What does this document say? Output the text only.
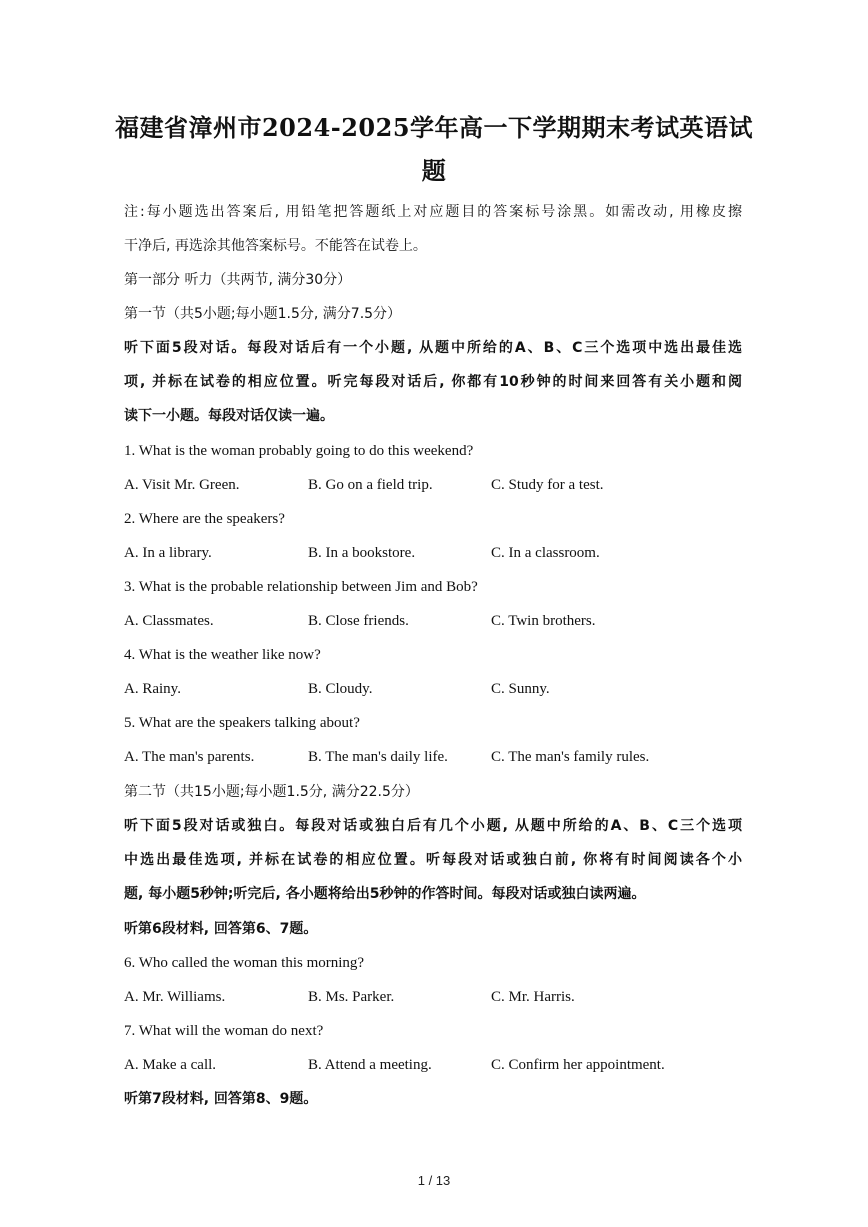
福建省漳州市2024-2025学年高一下学期期末考试英语试
题
注:每小题选出答案后, 用铅笔把答题纸上对应题目的答案标号涂黑。如需改动, 用橡皮擦
干净后, 再选涂其他答案标号。不能答在试卷上。
第一部分 听力（共两节, 满分30分）
第一节（共5小题;每小题1.5分, 满分7.5分）
听下面5段对话。每段对话后有一个小题, 从题中所给的A、B、C三个选项中选出最佳选
项, 并标在试卷的相应位置。听完每段对话后, 你都有10秒钟的时间来回答有关小题和阅
读下一小题。每段对话仅读一遍。
1. What is the woman probably going to do this weekend?
A. Visit Mr. Green.	B. Go on a field trip.	C. Study for a test.
2. Where are the speakers?
A. In a library.	B. In a bookstore.	C. In a classroom.
3. What is the probable relationship between Jim and Bob?
A. Classmates.	B. Close friends.	C. Twin brothers.
4. What is the weather like now?
A. Rainy.	B. Cloudy.	C. Sunny.
5. What are the speakers talking about?
A. The man's parents.	B. The man's daily life.	C. The man's family rules.
第二节（共15小题;每小题1.5分, 满分22.5分）
听下面5段对话或独白。每段对话或独白后有几个小题, 从题中所给的A、B、C三个选项
中选出最佳选项, 并标在试卷的相应位置。听每段对话或独白前, 你将有时间阅读各个小
题, 每小题5秒钟;听完后, 各小题将给出5秒钟的作答时间。每段对话或独白读两遍。
听第6段材料, 回答第6、7题。
6. Who called the woman this morning?
A. Mr. Williams.	B. Ms. Parker.	C. Mr. Harris.
7. What will the woman do next?
A. Make a call.	B. Attend a meeting.	C. Confirm her appointment.
听第7段材料, 回答第8、9题。
1 / 13
